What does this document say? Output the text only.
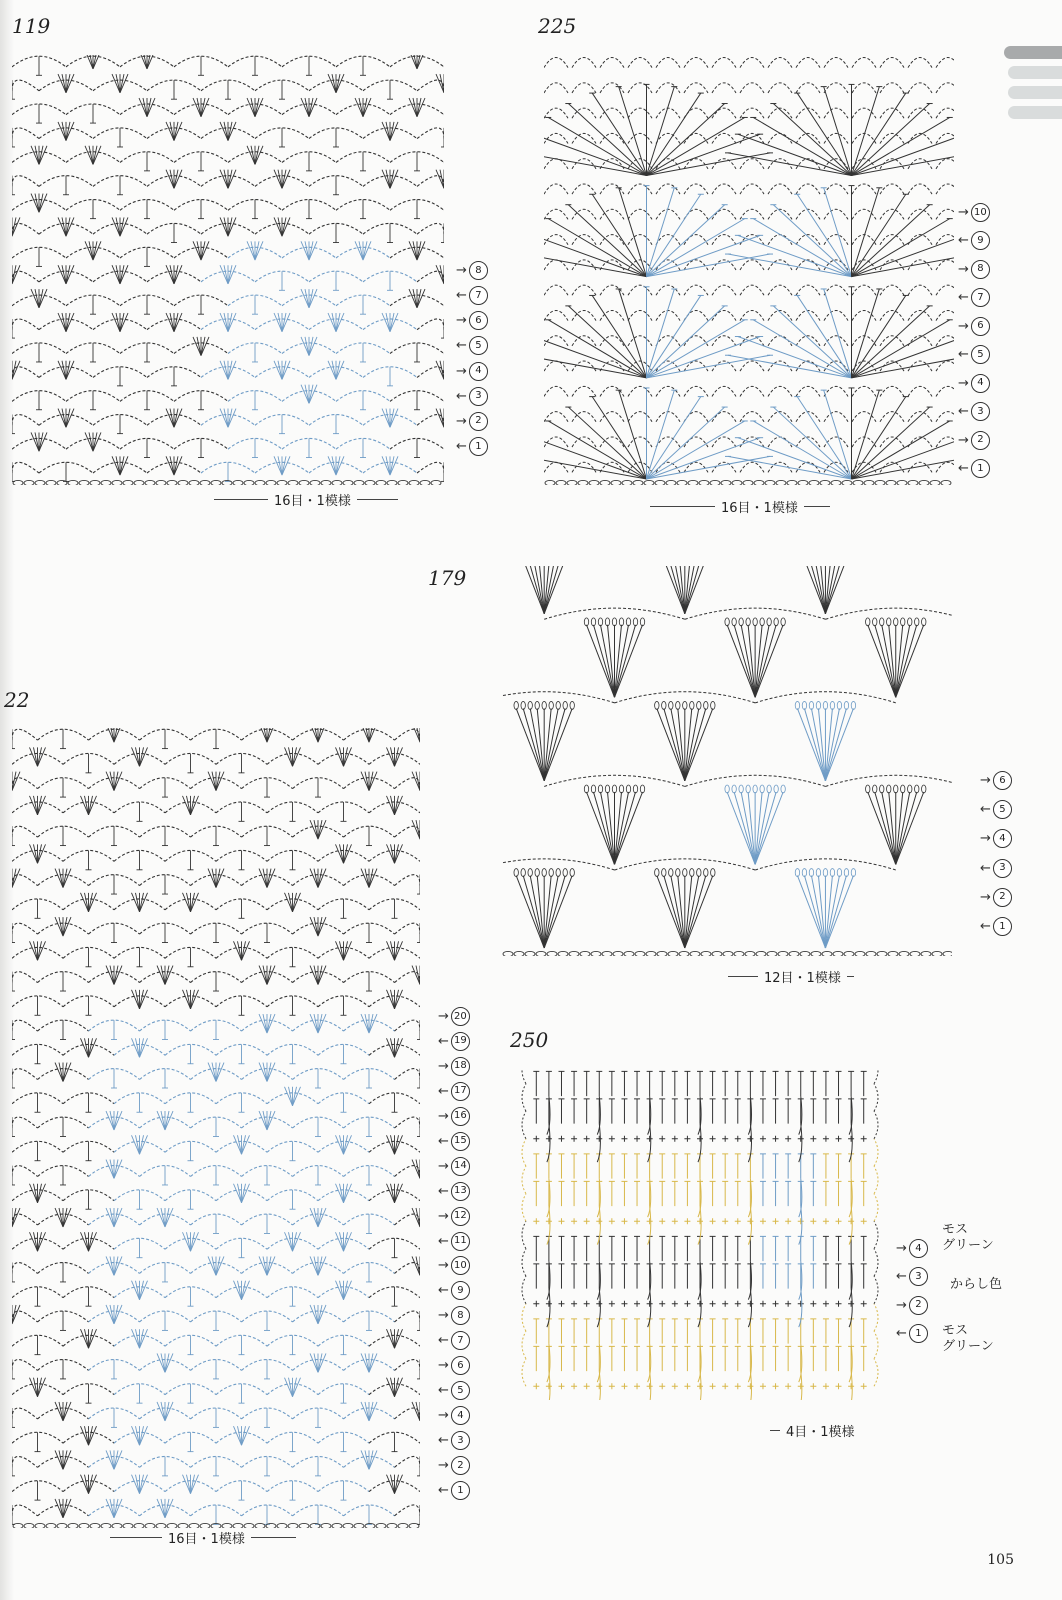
119
→ 8
← 7
→ 6
← 5
→ 4
← 3
→ 2
← 1
16目・1模様
225
→ 10
← 9
→ 8
← 7
→ 6
← 5
→ 4
← 3
→ 2
← 1
16目・1模様
179
→ 6
← 5
→ 4
← 3
→ 2
← 1
12目・1模様
22
→ 20
← 19
→ 18
← 17
→ 16
← 15
→ 14
← 13
→ 12
← 11
→ 10
← 9
→ 8
← 7
→ 6
← 5
→ 4
← 3
→ 2
← 1
16目・1模様
250
→ 4
← 3
→ 2
← 1
モス
グリーン
からし色
モス
グリーン
4目・1模様
105
